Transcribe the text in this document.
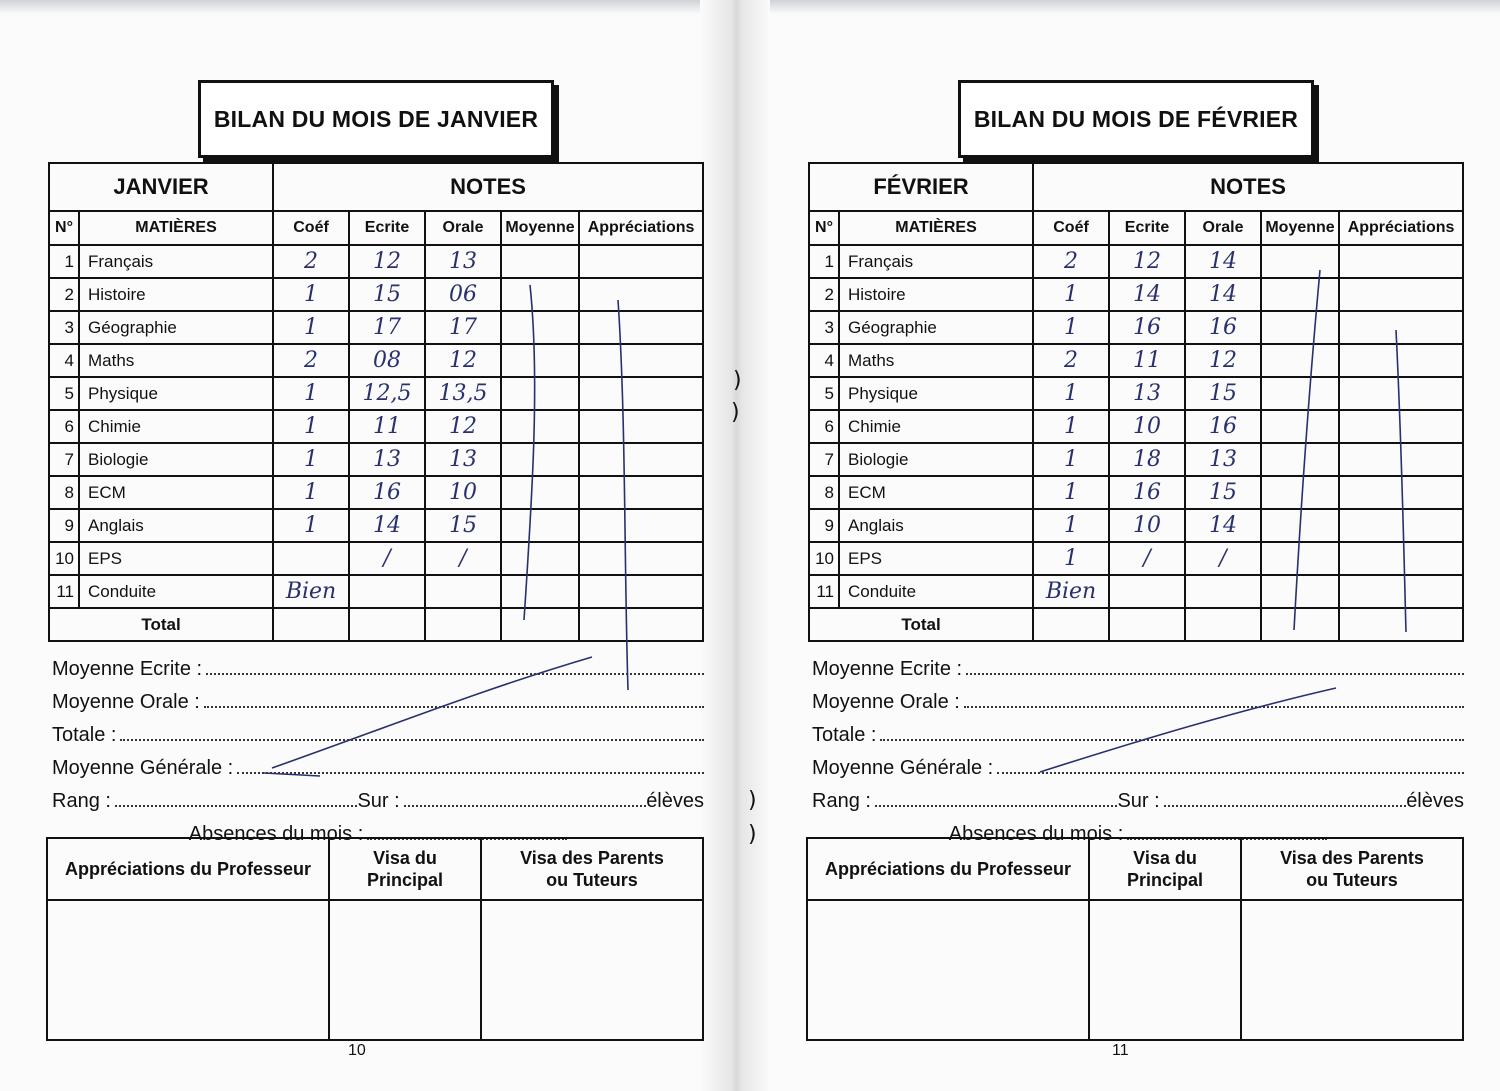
)
)
)
)
BILAN DU MOIS DE JANVIER
JANVIER		NOTES				
N°	MATIÈRES	Coéf	Ecrite	Orale	Moyenne	Appréciations
1	Français	2	12	13		
2	Histoire	1	15	06		
3	Géographie	1	17	17		
4	Maths	2	08	12		
5	Physique	1	12,5	13,5		
6	Chimie	1	11	12		
7	Biologie	1	13	13		
8	ECM	1	16	10		
9	Anglais	1	14	15		
10	EPS		/	/		
11	Conduite	Bien				
Total						
Moyenne Ecrite :
Moyenne Orale :
Totale :
Moyenne Générale :
Rang :	Sur :	élèves
Absences du mois :
Appréciations du Professeur	Visa du
Principal	Visa des Parents
ou Tuteurs

10
BILAN DU MOIS DE FÉVRIER
FÉVRIER		NOTES				
N°	MATIÈRES	Coéf	Ecrite	Orale	Moyenne	Appréciations
1	Français	2	12	14		
2	Histoire	1	14	14		
3	Géographie	1	16	16		
4	Maths	2	11	12		
5	Physique	1	13	15		
6	Chimie	1	10	16		
7	Biologie	1	18	13		
8	ECM	1	16	15		
9	Anglais	1	10	14		
10	EPS	1	/	/		
11	Conduite	Bien				
Total						
Moyenne Ecrite :
Moyenne Orale :
Totale :
Moyenne Générale :
Rang :	Sur :	élèves
Absences du mois :
Appréciations du Professeur	Visa du
Principal	Visa des Parents
ou Tuteurs

11
